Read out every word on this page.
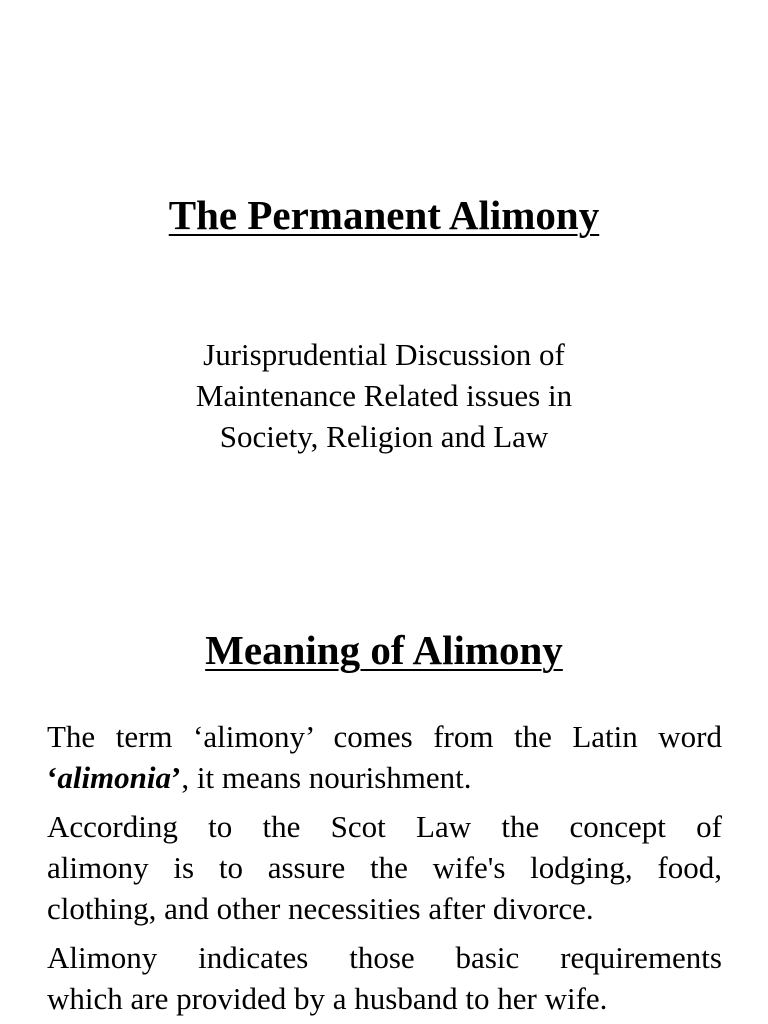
The Permanent Alimony
Jurisprudential Discussion of
Maintenance Related issues in
Society, Religion and Law
Meaning of Alimony
The term ‘alimony’ comes from the Latin word
‘alimonia’, it means nourishment.
According to the Scot Law the concept of
alimony is to assure the wife's lodging, food,
clothing, and other necessities after divorce.
Alimony indicates those basic requirements
which are provided by a husband to her wife.
